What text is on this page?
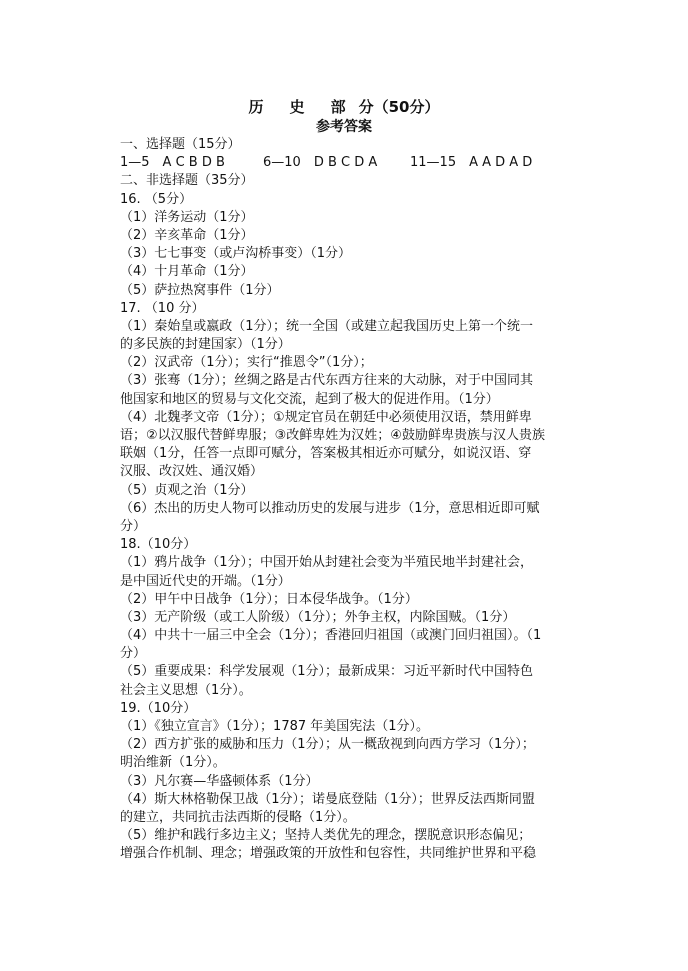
历 史 部 分（50分）
参考答案
一、选择题（15分）
1—5　A C B D B	6—10　D B C D A	11—15　A A D A D
二、非选择题（35分）
16. （5分）
（1）洋务运动（1分）
（2）辛亥革命（1分）
（3）七七事变（或卢沟桥事变）（1分）
（4）十月革命（1分）
（5）萨拉热窝事件（1分）
17. （10 分）
（1）秦始皇或嬴政（1分）；统一全国（或建立起我国历史上第一个统一
的多民族的封建国家）（1分）
（2）汉武帝（1分）；实行“推恩令”（1分）；
（3）张骞（1分）；丝绸之路是古代东西方往来的大动脉，对于中国同其
他国家和地区的贸易与文化交流，起到了极大的促进作用。（1分）
（4）北魏孝文帝（1分）；①规定官员在朝廷中必须使用汉语，禁用鲜卑
语；②以汉服代替鲜卑服；③改鲜卑姓为汉姓；④鼓励鲜卑贵族与汉人贵族
联姻（1分，任答一点即可赋分，答案极其相近亦可赋分，如说汉语、穿
汉服、改汉姓、通汉婚）
（5）贞观之治（1分）
（6）杰出的历史人物可以推动历史的发展与进步（1分，意思相近即可赋
分）
18.（10分）
（1）鸦片战争（1分）；中国开始从封建社会变为半殖民地半封建社会，
是中国近代史的开端。（1分）
（2）甲午中日战争（1分）；日本侵华战争。（1分）
（3）无产阶级（或工人阶级）（1分）；外争主权，内除国贼。（1分）
（4）中共十一届三中全会（1分）；香港回归祖国（或澳门回归祖国）。（1
分）
（5）重要成果：科学发展观（1分）；最新成果：习近平新时代中国特色
社会主义思想（1分）。
19.（10分）
（1）《独立宣言》（1分）；1787 年美国宪法（1分）。
（2）西方扩张的威胁和压力（1分）；从一概敌视到向西方学习（1分）；
明治维新（1分）。
（3）凡尔赛—华盛顿体系（1分）
（4）斯大林格勒保卫战（1分）；诺曼底登陆（1分）；世界反法西斯同盟
的建立，共同抗击法西斯的侵略（1分）。
（5）维护和践行多边主义；坚持人类优先的理念，摆脱意识形态偏见；
增强合作机制、理念；增强政策的开放性和包容性，共同维护世界和平稳
